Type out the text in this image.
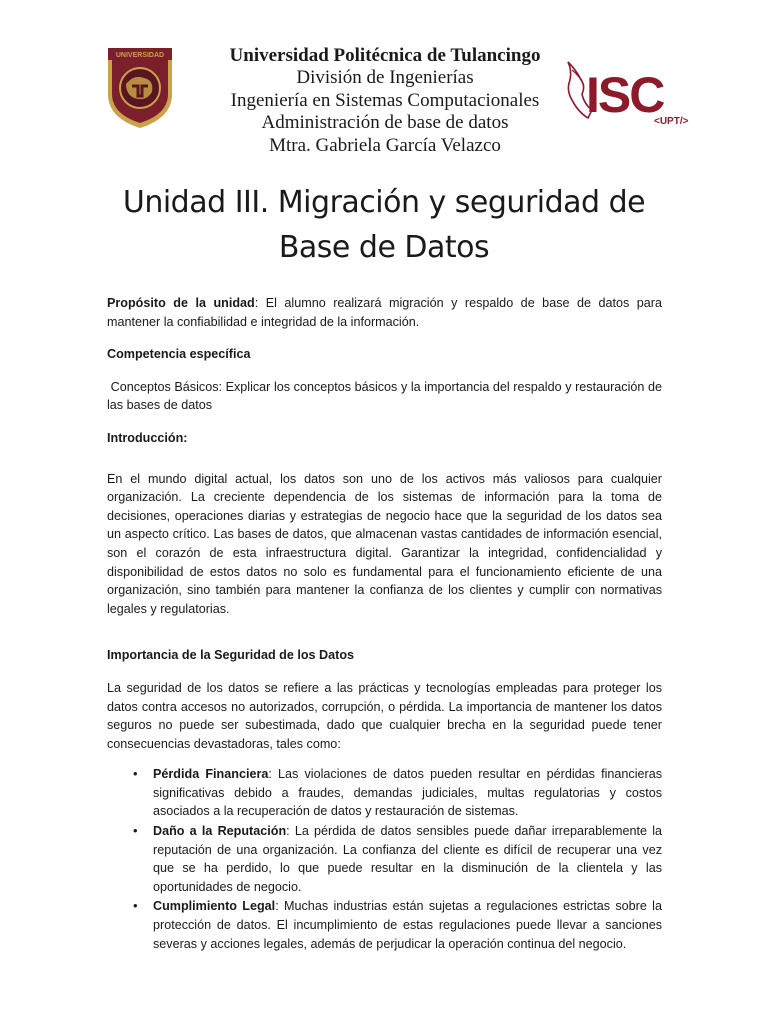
UNIVERSIDAD	Universidad Politécnica de Tulancingo
División de Ingenierías
Ingeniería en Sistemas Computacionales
Administración de base de datos
Mtra. Gabriela García Velazco
ISC
<UPT/>
Unidad III. Migración y seguridad de
Base de Datos

Propósito de la unidad: El alumno realizará migración y respaldo de base de datos para mantener la confiabilidad e integridad de la información.

Competencia específica

Conceptos Básicos: Explicar los conceptos básicos y la importancia del respaldo y restauración de las bases de datos

Introducción:

En el mundo digital actual, los datos son uno de los activos más valiosos para cualquier organización. La creciente dependencia de los sistemas de información para la toma de decisiones, operaciones diarias y estrategias de negocio hace que la seguridad de los datos sea un aspecto crítico. Las bases de datos, que almacenan vastas cantidades de información esencial, son el corazón de esta infraestructura digital. Garantizar la integridad, confidencialidad y disponibilidad de estos datos no solo es fundamental para el funcionamiento eficiente de una organización, sino también para mantener la confianza de los clientes y cumplir con normativas legales y regulatorias.

Importancia de la Seguridad de los Datos

La seguridad de los datos se refiere a las prácticas y tecnologías empleadas para proteger los datos contra accesos no autorizados, corrupción, o pérdida. La importancia de mantener los datos seguros no puede ser subestimada, dado que cualquier brecha en la seguridad puede tener consecuencias devastadoras, tales como:

• Pérdida Financiera: Las violaciones de datos pueden resultar en pérdidas financieras significativas debido a fraudes, demandas judiciales, multas regulatorias y costos asociados a la recuperación de datos y restauración de sistemas.
• Daño a la Reputación: La pérdida de datos sensibles puede dañar irreparablemente la reputación de una organización. La confianza del cliente es difícil de recuperar una vez que se ha perdido, lo que puede resultar en la disminución de la clientela y las oportunidades de negocio.
• Cumplimiento Legal: Muchas industrias están sujetas a regulaciones estrictas sobre la protección de datos. El incumplimiento de estas regulaciones puede llevar a sanciones severas y acciones legales, además de perjudicar la operación continua del negocio.
